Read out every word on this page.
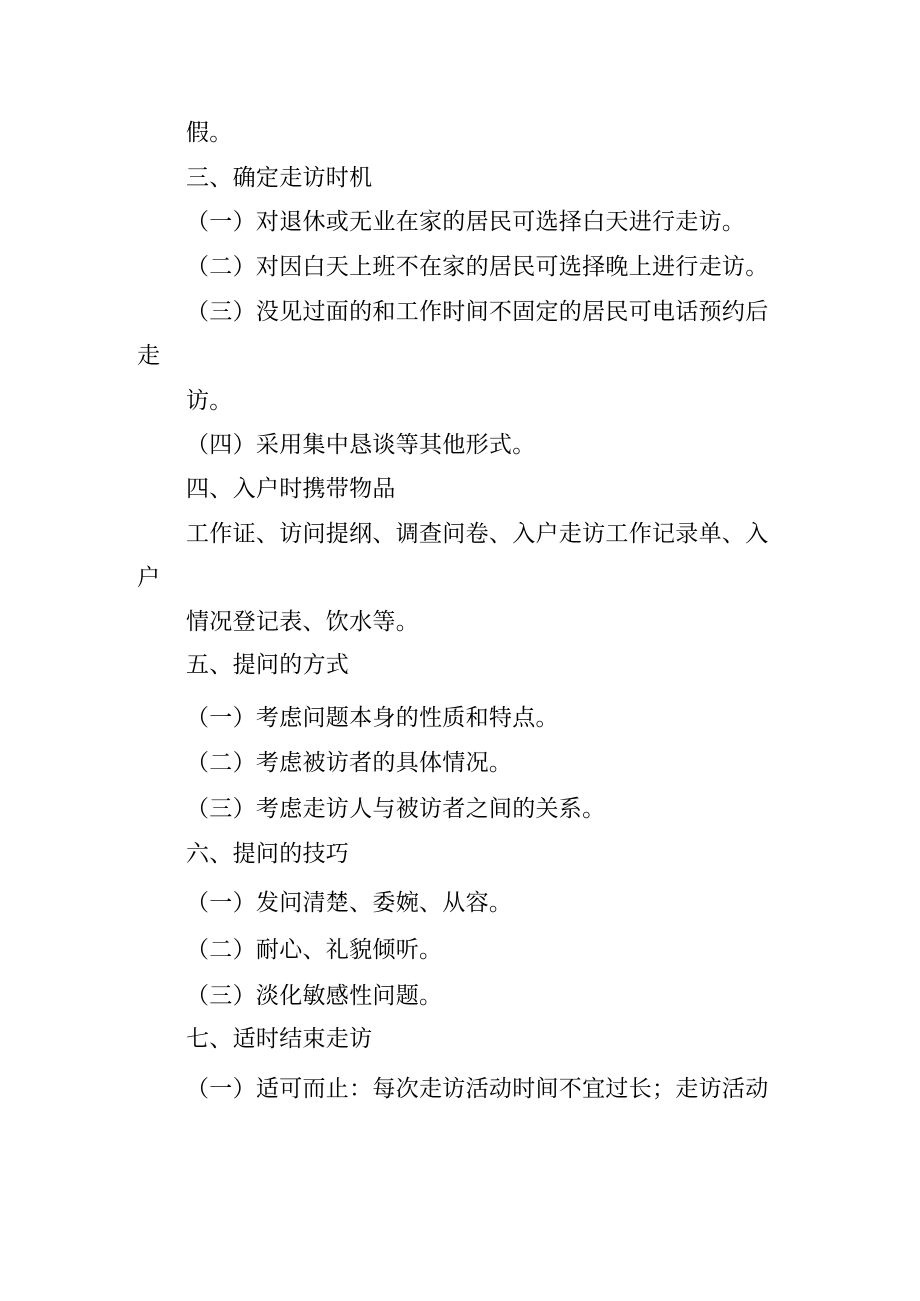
假。
三、确定走访时机
（一）对退休或无业在家的居民可选择白天进行走访。
（二）对因白天上班不在家的居民可选择晚上进行走访。
（三）没见过面的和工作时间不固定的居民可电话预约后
走
访。
（四）采用集中恳谈等其他形式。
四、入户时携带物品
工作证、访问提纲、调查问卷、入户走访工作记录单、入
户
情况登记表、饮水等。
五、提问的方式
（一）考虑问题本身的性质和特点。
（二）考虑被访者的具体情况。
（三）考虑走访人与被访者之间的关系。
六、提问的技巧
（一）发问清楚、委婉、从容。
（二）耐心、礼貌倾听。
（三）淡化敏感性问题。
七、适时结束走访
（一）适可而止：每次走访活动时间不宜过长；走访活动
